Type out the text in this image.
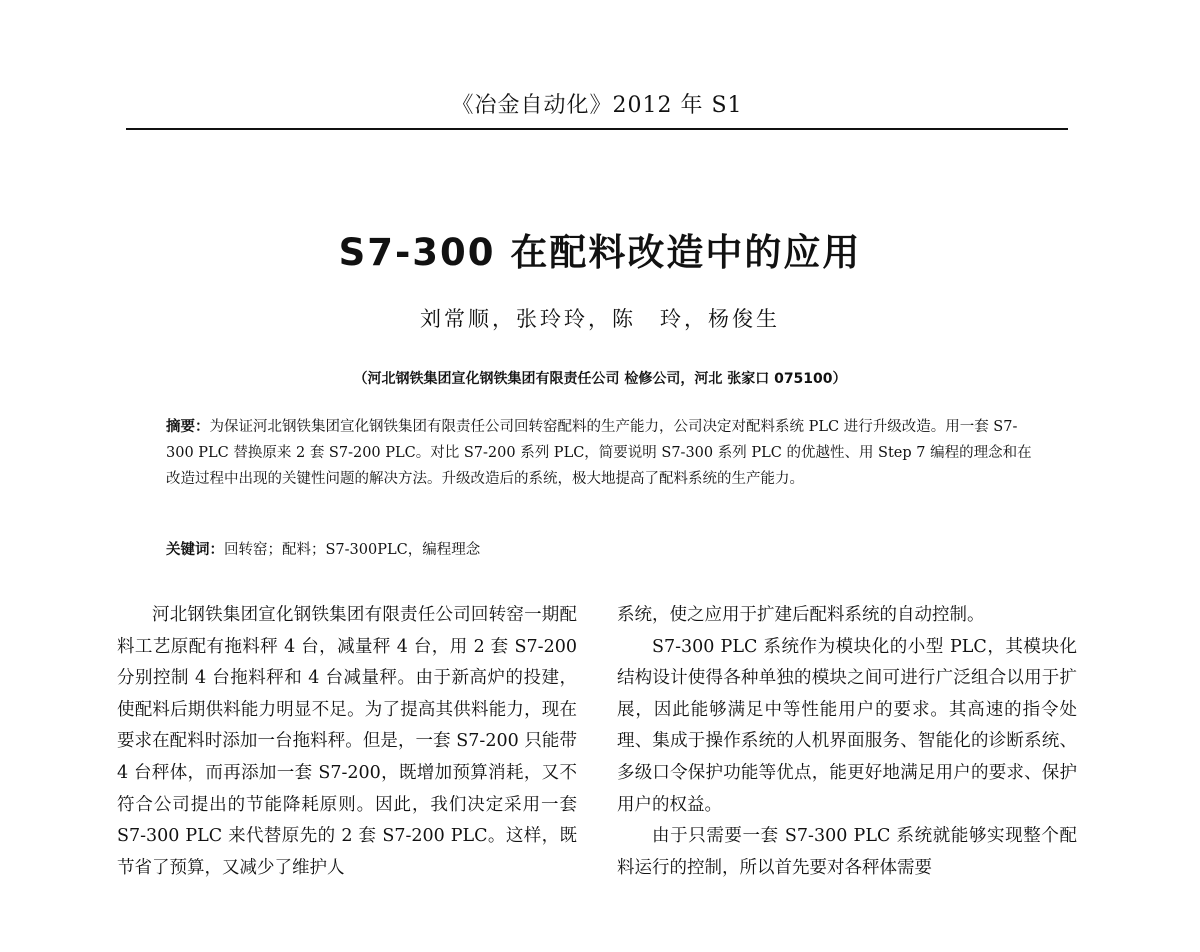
《冶金自动化》2012 年 S1
S7-300 在配料改造中的应用
刘常顺，张玲玲，陈　玲，杨俊生
（河北钢铁集团宣化钢铁集团有限责任公司 检修公司，河北 张家口 075100）

摘要：为保证河北钢铁集团宣化钢铁集团有限责任公司回转窑配料的生产能力，公司决定对配料系统 PLC 进行升级改造。用一套 S7-300 PLC 替换原来 2 套 S7-200 PLC。对比 S7-200 系列 PLC，简要说明 S7-300 系列 PLC 的优越性、用 Step 7 编程的理念和在改造过程中出现的关键性问题的解决方法。升级改造后的系统，极大地提高了配料系统的生产能力。

关键词：回转窑；配料；S7-300PLC，编程理念

河北钢铁集团宣化钢铁集团有限责任公司回转窑一期配料工艺原配有拖料秤 4 台，减量秤 4 台，用 2 套 S7-200 分别控制 4 台拖料秤和 4 台减量秤。由于新高炉的投建，使配料后期供料能力明显不足。为了提高其供料能力，现在要求在配料时添加一台拖料秤。但是，一套 S7-200 只能带 4 台秤体，而再添加一套 S7-200，既增加预算消耗，又不符合公司提出的节能降耗原则。因此，我们决定采用一套 S7-300 PLC 来代替原先的 2 套 S7-200 PLC。这样，既节省了预算，又减少了维护人

系统，使之应用于扩建后配料系统的自动控制。

S7-300 PLC 系统作为模块化的小型 PLC，其模块化结构设计使得各种单独的模块之间可进行广泛组合以用于扩展，因此能够满足中等性能用户的要求。其高速的指令处理、集成于操作系统的人机界面服务、智能化的诊断系统、多级口令保护功能等优点，能更好地满足用户的要求、保护用户的权益。

由于只需要一套 S7-300 PLC 系统就能够实现整个配料运行的控制，所以首先要对各秤体需要
